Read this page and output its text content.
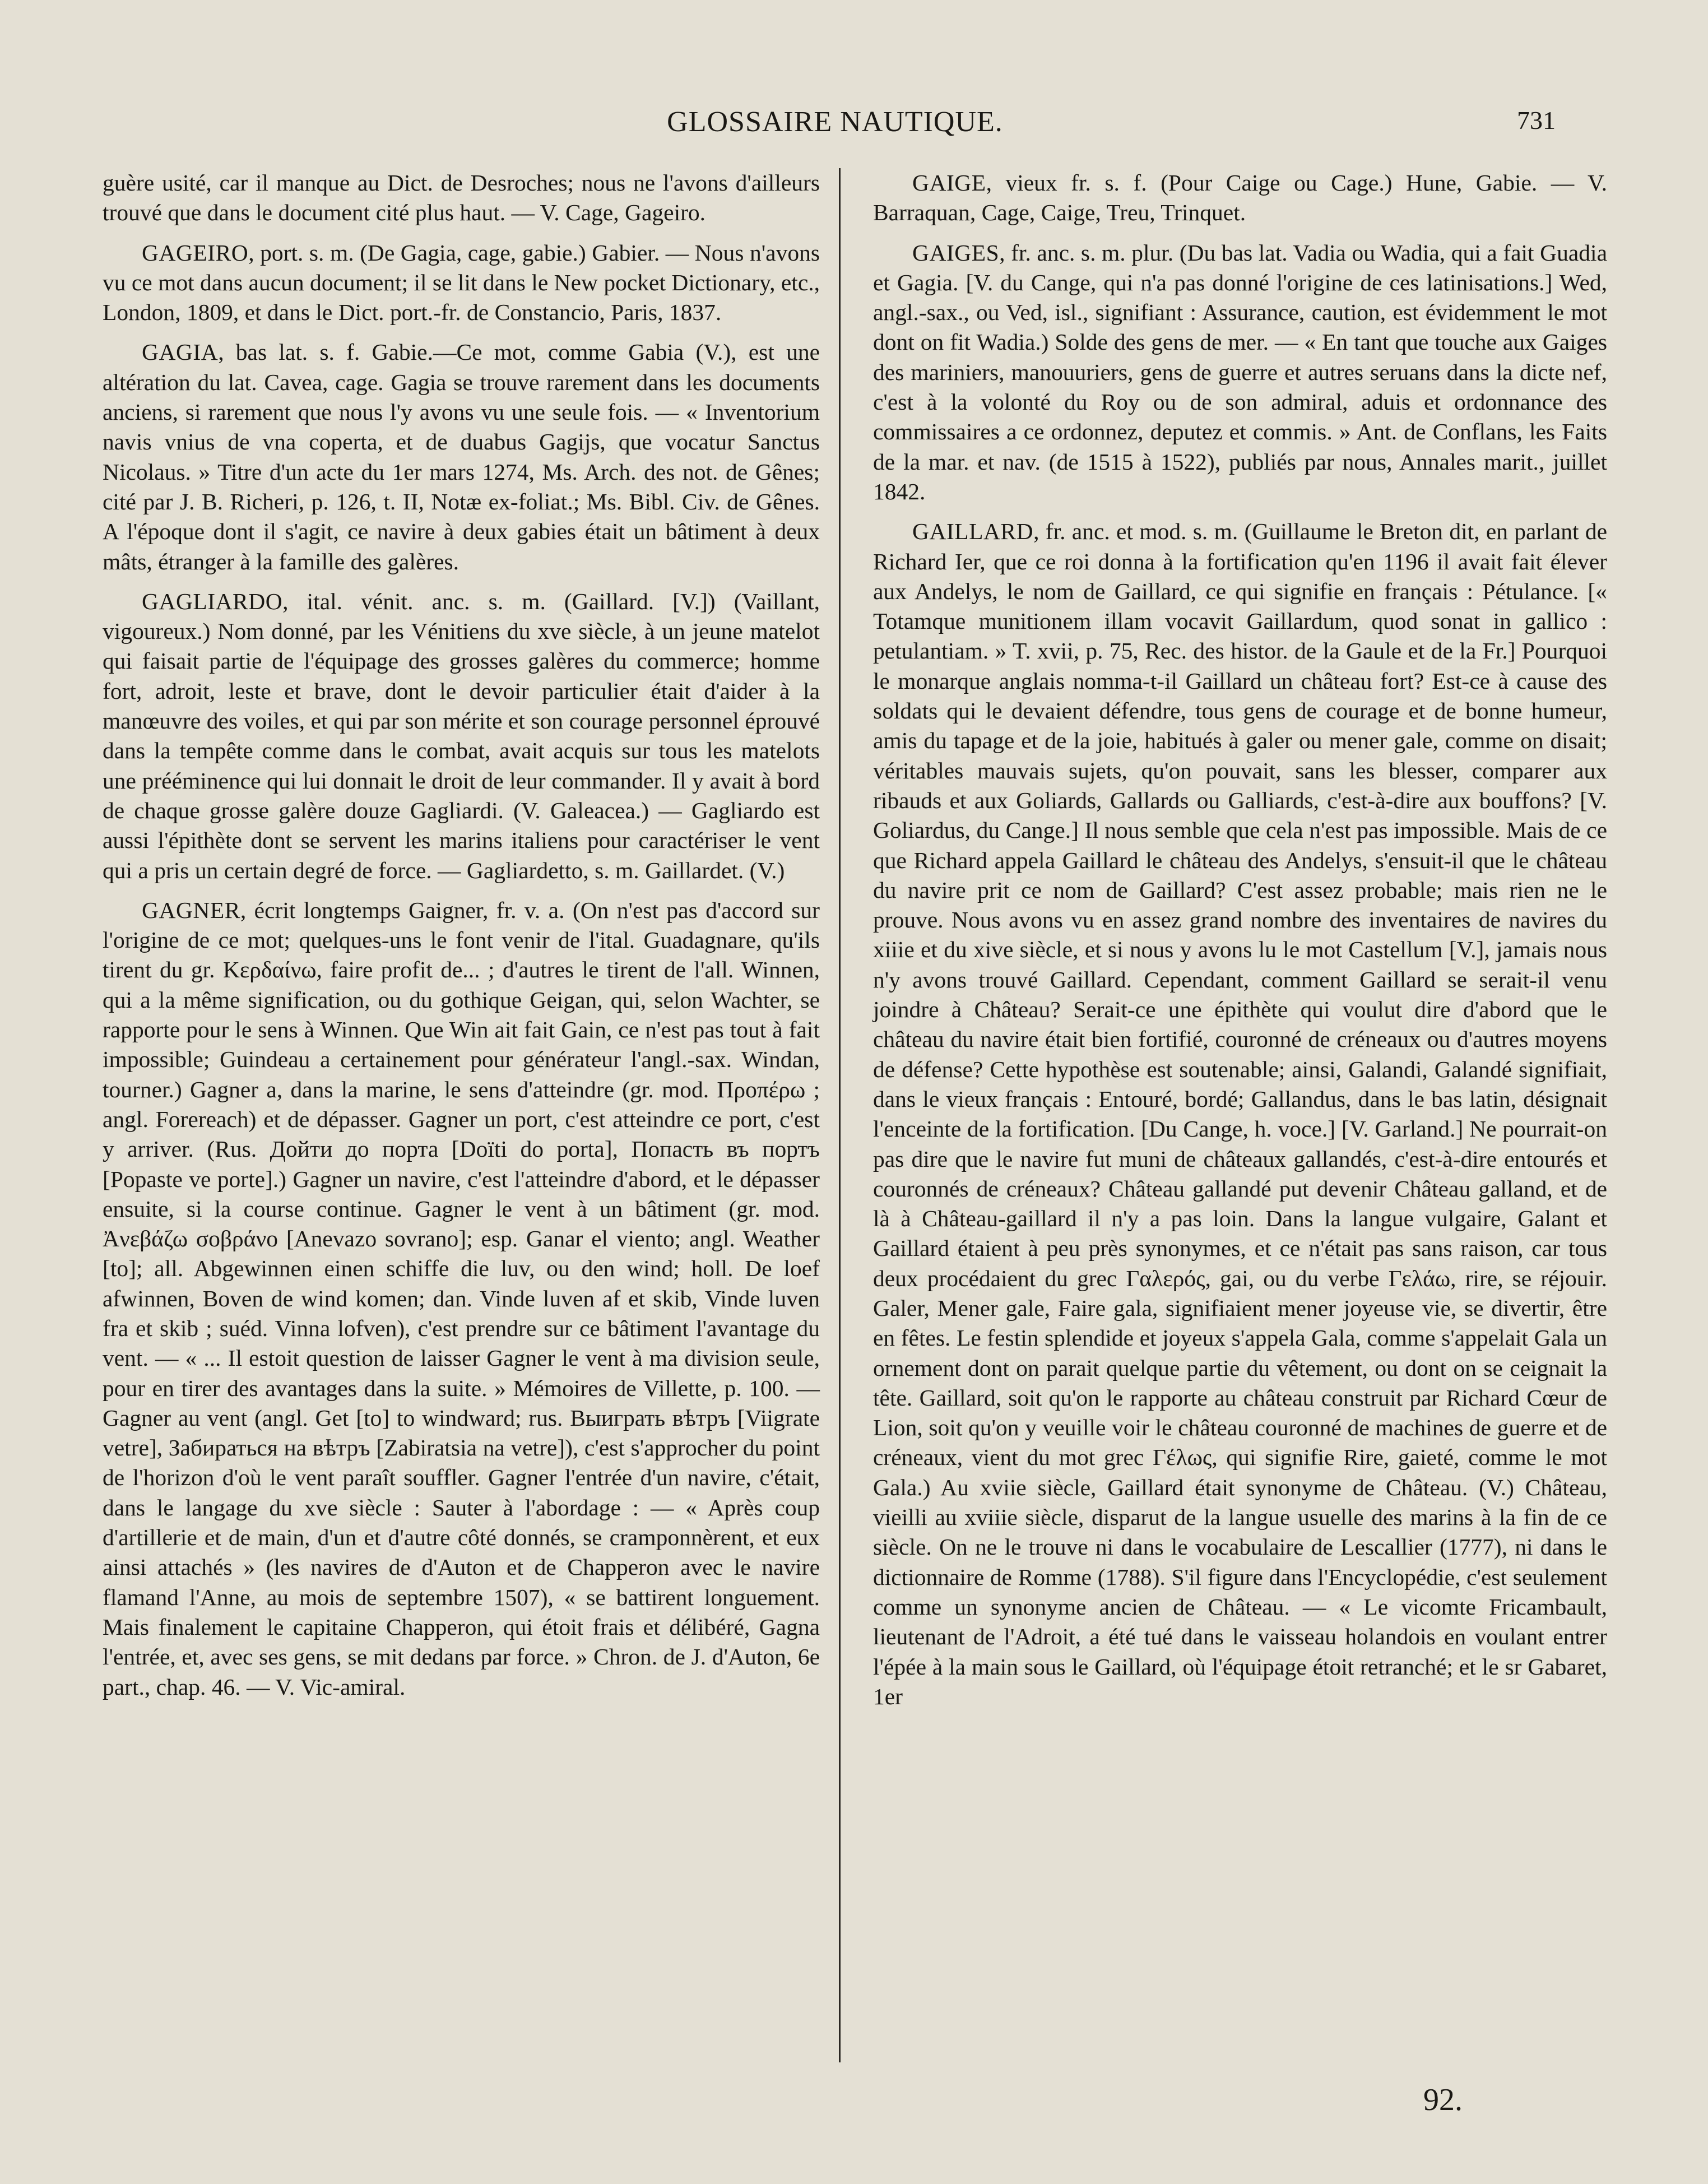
GLOSSAIRE NAUTIQUE.	731

guère usité, car il manque au Dict. de Desroches; nous ne l'avons d'ailleurs trouvé que dans le document cité plus haut. — V. Cage, Gageiro.

GAGEIRO, port. s. m. (De Gagia, cage, gabie.) Gabier. — Nous n'avons vu ce mot dans aucun document; il se lit dans le New pocket Dictionary, etc., London, 1809, et dans le Dict. port.-fr. de Constancio, Paris, 1837.

GAGIA, bas lat. s. f. Gabie.—Ce mot, comme Gabia (V.), est une altération du lat. Cavea, cage. Gagia se trouve rarement dans les documents anciens, si rarement que nous l'y avons vu une seule fois. — « Inventorium navis vnius de vna coperta, et de duabus Gagijs, que vocatur Sanctus Nicolaus. » Titre d'un acte du 1er mars 1274, Ms. Arch. des not. de Gênes; cité par J. B. Richeri, p. 126, t. II, Notæ ex-foliat.; Ms. Bibl. Civ. de Gênes. A l'époque dont il s'agit, ce navire à deux gabies était un bâtiment à deux mâts, étranger à la famille des galères.

GAGLIARDO, ital. vénit. anc. s. m. (Gaillard. [V.]) (Vaillant, vigoureux.) Nom donné, par les Vénitiens du xve siècle, à un jeune matelot qui faisait partie de l'équipage des grosses galères du commerce; homme fort, adroit, leste et brave, dont le devoir particulier était d'aider à la manœuvre des voiles, et qui par son mérite et son courage personnel éprouvé dans la tempête comme dans le combat, avait acquis sur tous les matelots une prééminence qui lui donnait le droit de leur commander. Il y avait à bord de chaque grosse galère douze Gagliardi. (V. Galeacea.) — Gagliardo est aussi l'épithète dont se servent les marins italiens pour caractériser le vent qui a pris un certain degré de force. — Gagliardetto, s. m. Gaillardet. (V.)

GAGNER, écrit longtemps Gaigner, fr. v. a. (On n'est pas d'accord sur l'origine de ce mot; quelques-uns le font venir de l'ital. Guadagnare, qu'ils tirent du gr. Κερδαίνω, faire profit de... ; d'autres le tirent de l'all. Winnen, qui a la même signification, ou du gothique Geigan, qui, selon Wachter, se rapporte pour le sens à Winnen. Que Win ait fait Gain, ce n'est pas tout à fait impossible; Guindeau a certainement pour générateur l'angl.-sax. Windan, tourner.) Gagner a, dans la marine, le sens d'atteindre (gr. mod. Προπέρω ; angl. Forereach) et de dépasser. Gagner un port, c'est atteindre ce port, c'est y arriver. (Rus. Дойти до порта [Doïti do porta], Попасть въ портъ [Popaste ve porte].) Gagner un navire, c'est l'atteindre d'abord, et le dépasser ensuite, si la course continue. Gagner le vent à un bâtiment (gr. mod. Ἀνεβάζω σοβράνο [Anevazo sovrano]; esp. Ganar el viento; angl. Weather [to]; all. Abgewinnen einen schiffe die luv, ou den wind; holl. De loef afwinnen, Boven de wind komen; dan. Vinde luven af et skib, Vinde luven fra et skib ; suéd. Vinna lofven), c'est prendre sur ce bâtiment l'avantage du vent. — « ... Il estoit question de laisser Gagner le vent à ma division seule, pour en tirer des avantages dans la suite. » Mémoires de Villette, p. 100. — Gagner au vent (angl. Get [to] to windward; rus. Выиграть вѣтръ [Viigrate vetre], Забираться на вѣтръ [Zabiratsia na vetre]), c'est s'approcher du point de l'horizon d'où le vent paraît souffler. Gagner l'entrée d'un navire, c'était, dans le langage du xve siècle : Sauter à l'abordage : — « Après coup d'artillerie et de main, d'un et d'autre côté donnés, se cramponnèrent, et eux ainsi attachés » (les navires de d'Auton et de Chapperon avec le navire flamand l'Anne, au mois de septembre 1507), « se battirent longuement. Mais finalement le capitaine Chapperon, qui étoit frais et délibéré, Gagna l'entrée, et, avec ses gens, se mit dedans par force. » Chron. de J. d'Auton, 6e part., chap. 46. — V. Vic-amiral.

GAIGE, vieux fr. s. f. (Pour Caige ou Cage.) Hune, Gabie. — V. Barraquan, Cage, Caige, Treu, Trinquet.

GAIGES, fr. anc. s. m. plur. (Du bas lat. Vadia ou Wadia, qui a fait Guadia et Gagia. [V. du Cange, qui n'a pas donné l'origine de ces latinisations.] Wed, angl.-sax., ou Ved, isl., signifiant : Assurance, caution, est évidemment le mot dont on fit Wadia.) Solde des gens de mer. — « En tant que touche aux Gaiges des mariniers, manouuriers, gens de guerre et autres seruans dans la dicte nef, c'est à la volonté du Roy ou de son admiral, aduis et ordonnance des commissaires a ce ordonnez, deputez et commis. » Ant. de Conflans, les Faits de la mar. et nav. (de 1515 à 1522), publiés par nous, Annales marit., juillet 1842.

GAILLARD, fr. anc. et mod. s. m. (Guillaume le Breton dit, en parlant de Richard Ier, que ce roi donna à la fortification qu'en 1196 il avait fait élever aux Andelys, le nom de Gaillard, ce qui signifie en français : Pétulance. [« Totamque munitionem illam vocavit Gaillardum, quod sonat in gallico : petulantiam. » T. xvii, p. 75, Rec. des histor. de la Gaule et de la Fr.] Pourquoi le monarque anglais nomma-t-il Gaillard un château fort? Est-ce à cause des soldats qui le devaient défendre, tous gens de courage et de bonne humeur, amis du tapage et de la joie, habitués à galer ou mener gale, comme on disait; véritables mauvais sujets, qu'on pouvait, sans les blesser, comparer aux ribauds et aux Goliards, Gallards ou Galliards, c'est-à-dire aux bouffons? [V. Goliardus, du Cange.] Il nous semble que cela n'est pas impossible. Mais de ce que Richard appela Gaillard le château des Andelys, s'ensuit-il que le château du navire prit ce nom de Gaillard? C'est assez probable; mais rien ne le prouve. Nous avons vu en assez grand nombre des inventaires de navires du xiiie et du xive siècle, et si nous y avons lu le mot Castellum [V.], jamais nous n'y avons trouvé Gaillard. Cependant, comment Gaillard se serait-il venu joindre à Château? Serait-ce une épithète qui voulut dire d'abord que le château du navire était bien fortifié, couronné de créneaux ou d'autres moyens de défense? Cette hypothèse est soutenable; ainsi, Galandi, Galandé signifiait, dans le vieux français : Entouré, bordé; Gallandus, dans le bas latin, désignait l'enceinte de la fortification. [Du Cange, h. voce.] [V. Garland.] Ne pourrait-on pas dire que le navire fut muni de châteaux gallandés, c'est-à-dire entourés et couronnés de créneaux? Château gallandé put devenir Château galland, et de là à Château-gaillard il n'y a pas loin. Dans la langue vulgaire, Galant et Gaillard étaient à peu près synonymes, et ce n'était pas sans raison, car tous deux procédaient du grec Γαλερός, gai, ou du verbe Γελάω, rire, se réjouir. Galer, Mener gale, Faire gala, signifiaient mener joyeuse vie, se divertir, être en fêtes. Le festin splendide et joyeux s'appela Gala, comme s'appelait Gala un ornement dont on parait quelque partie du vêtement, ou dont on se ceignait la tête. Gaillard, soit qu'on le rapporte au château construit par Richard Cœur de Lion, soit qu'on y veuille voir le château couronné de machines de guerre et de créneaux, vient du mot grec Γέλως, qui signifie Rire, gaieté, comme le mot Gala.) Au xviie siècle, Gaillard était synonyme de Château. (V.) Château, vieilli au xviiie siècle, disparut de la langue usuelle des marins à la fin de ce siècle. On ne le trouve ni dans le vocabulaire de Lescallier (1777), ni dans le dictionnaire de Romme (1788). S'il figure dans l'Encyclopédie, c'est seulement comme un synonyme ancien de Château. — « Le vicomte Fricambault, lieutenant de l'Adroit, a été tué dans le vaisseau holandois en voulant entrer l'épée à la main sous le Gaillard, où l'équipage étoit retranché; et le sr Gabaret, 1er

92.
